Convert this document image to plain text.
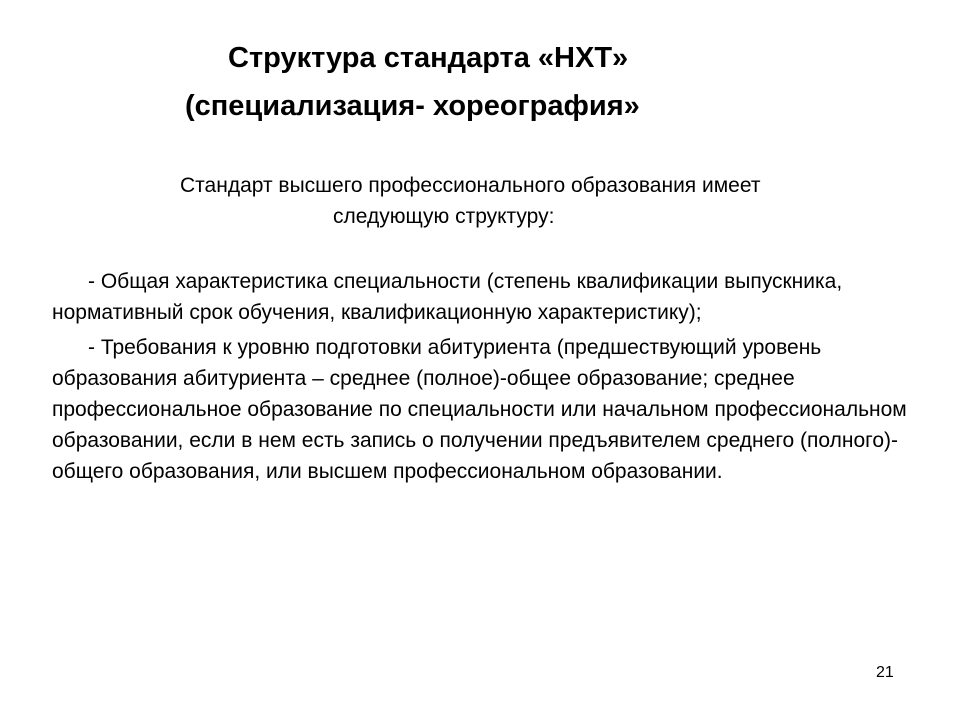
Структура стандарта «НХТ»
(специализация- хореография»
Стандарт высшего профессионального образования имеет
следующую структуру:

- Общая характеристика специальности (степень квалификации выпускника, нормативный срок обучения, квалификационную характеристику);

- Требования к уровню подготовки абитуриента (предшествующий уровень образования абитуриента – среднее (полное)-общее образование; среднее профессиональное образование по специальности или начальном профессиональном образовании, если в нем есть запись о получении предъявителем среднего (полного)-общего образования, или высшем профессиональном образовании.

21
